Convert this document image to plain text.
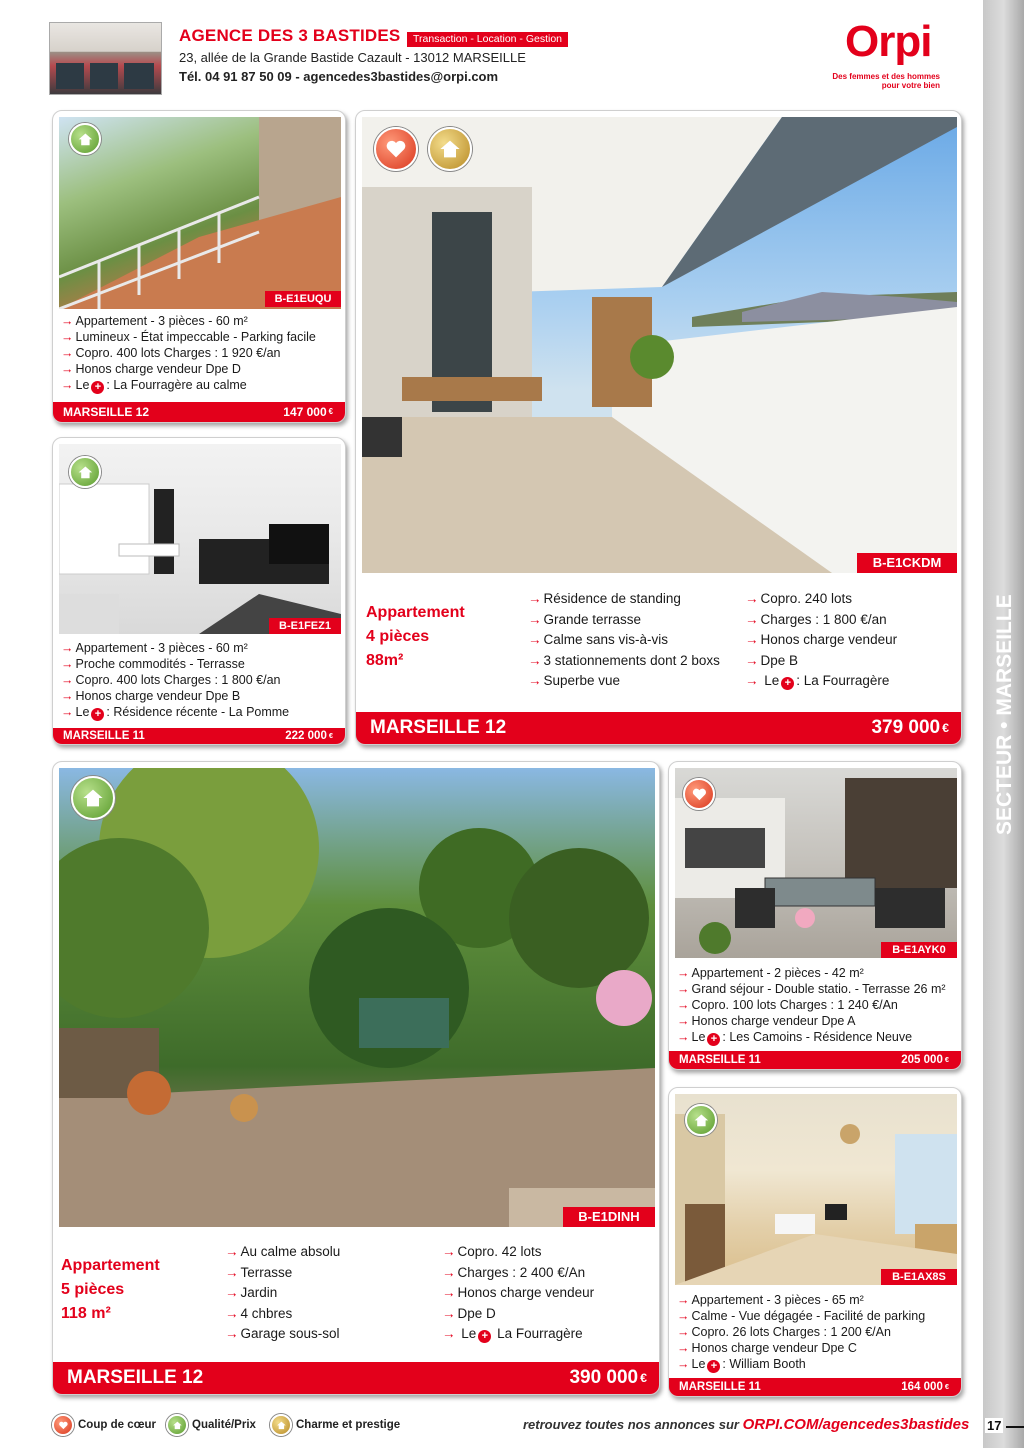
AGENCE DES 3 BASTIDES	Transaction - Location - Gestion
23, allée de la Grande Bastide Cazault - 13012 MARSEILLE
Tél. 04 91 87 50 09 - agencedes3bastides@orpi.com
Orpi
Des femmes et des hommes pour votre bien
B-E1EUQU
→ Appartement - 3 pièces - 60 m²
→ Lumineux - État impeccable - Parking facile
→ Copro. 400 lots Charges : 1 920 €/an
→ Honos charge vendeur Dpe D
→ Le + : La Fourragère au calme
MARSEILLE 12	147 000 €
B-E1FEZ1
→ Appartement - 3 pièces - 60 m²
→ Proche commodités - Terrasse
→ Copro. 400 lots Charges : 1 800 €/an
→ Honos charge vendeur Dpe B
→ Le + : Résidence récente - La Pomme
MARSEILLE 11	222 000 €
B-E1CKDM
Appartement
4 pièces
88m²
→ Résidence de standing
→ Grande terrasse
→ Calme sans vis-à-vis
→ 3 stationnements dont 2 boxs
→ Superbe vue
→ Copro. 240 lots
→ Charges : 1 800 €/an
→ Honos charge vendeur
→ Dpe B
→ Le + : La Fourragère
MARSEILLE 12	379 000 €
B-E1DINH
Appartement
5 pièces
118 m²
→ Au calme absolu
→ Terrasse
→ Jardin
→ 4 chbres
→ Garage sous-sol
→ Copro. 42 lots
→ Charges : 2 400 €/An
→ Honos charge vendeur
→ Dpe D
→ Le + La Fourragère
MARSEILLE 12	390 000 €
B-E1AYK0
→ Appartement - 2 pièces - 42 m²
→ Grand séjour - Double statio. - Terrasse 26 m²
→ Copro. 100 lots Charges : 1 240 €/An
→ Honos charge vendeur Dpe A
→ Le + : Les Camoins - Résidence Neuve
MARSEILLE 11	205 000 €
B-E1AX8S
→ Appartement - 3 pièces - 65 m²
→ Calme - Vue dégagée - Facilité de parking
→ Copro. 26 lots Charges : 1 200 €/An
→ Honos charge vendeur Dpe C
→ Le + : William Booth
MARSEILLE 11	164 000 €
Coup de cœur	Qualité/Prix	Charme et prestige	retrouvez toutes nos annonces sur ORPI.COM/agencedes3bastides 17
